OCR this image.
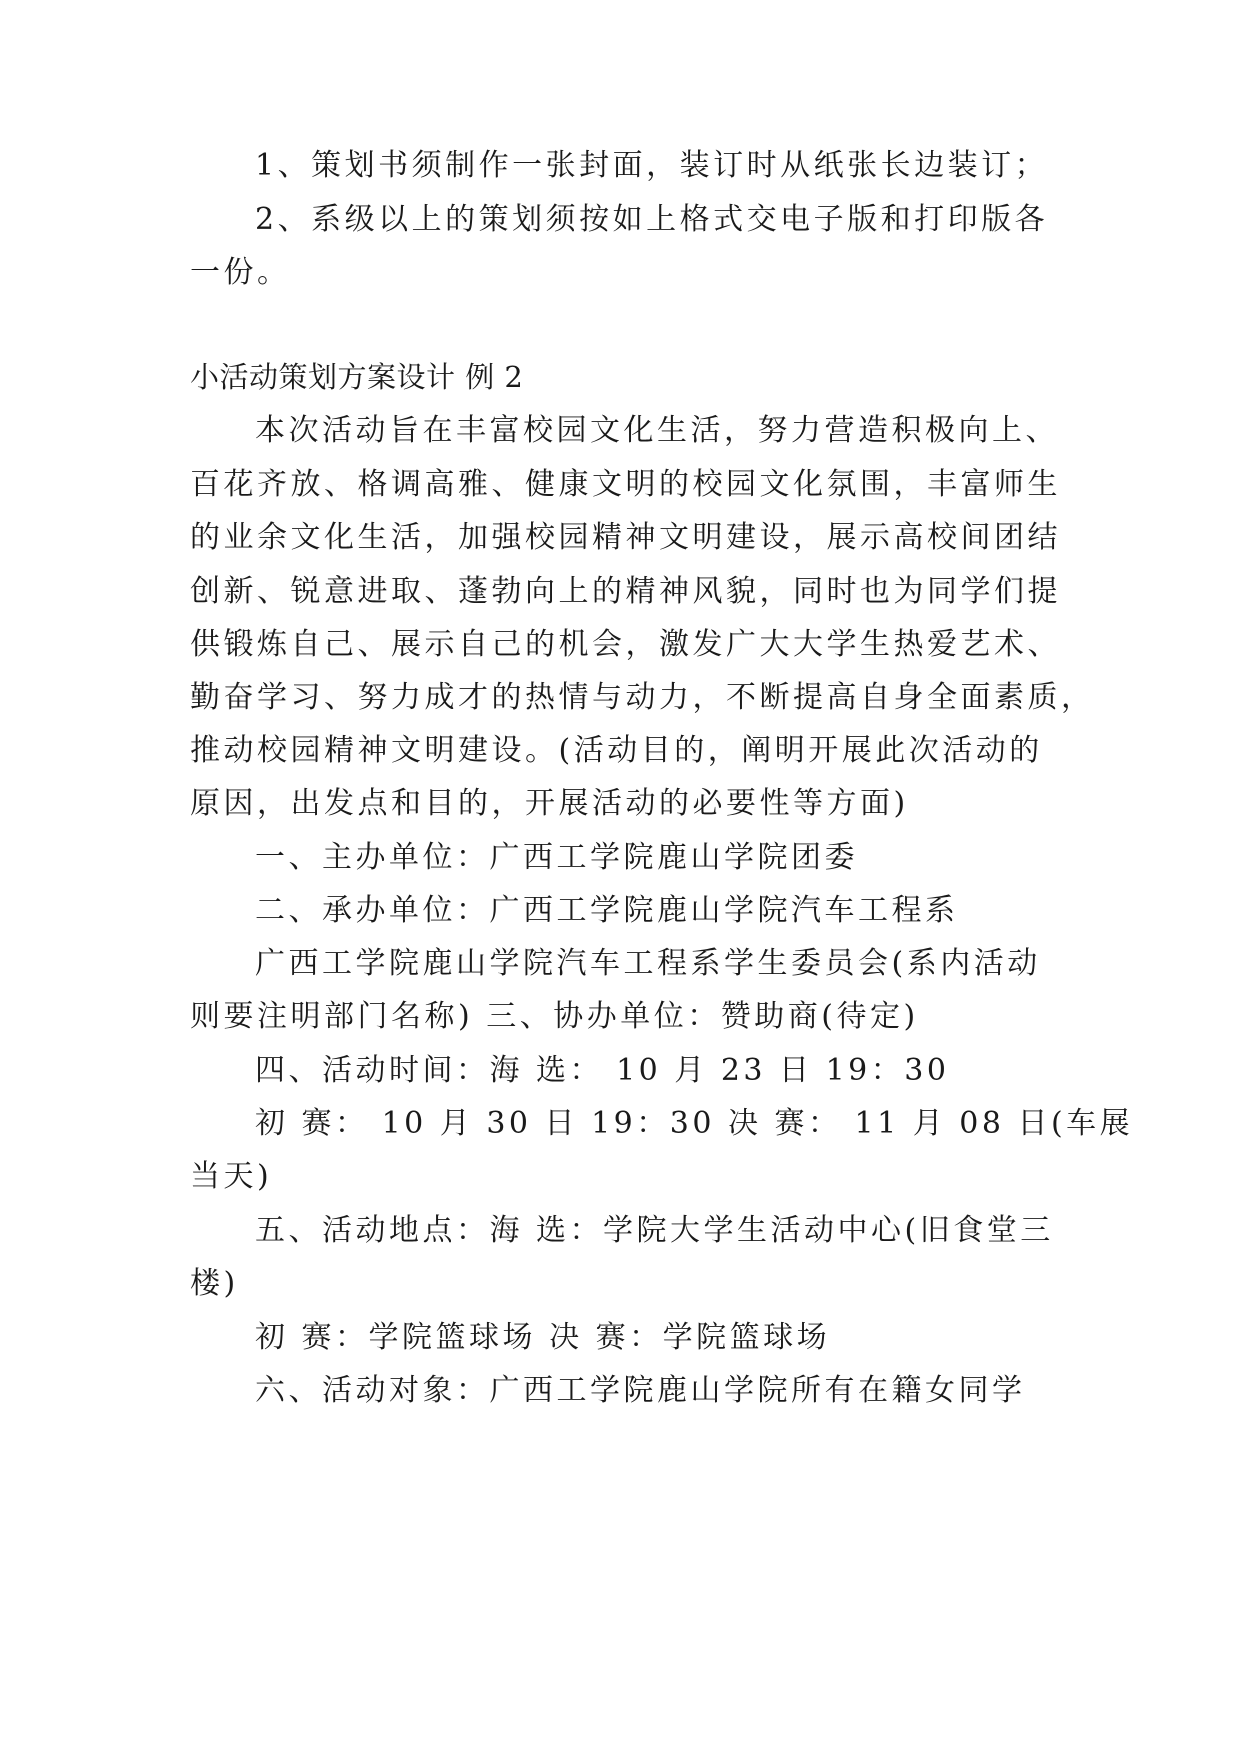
1、策划书须制作一张封面，装订时从纸张长边装订；
2、系级以上的策划须按如上格式交电子版和打印版各
一份。
小活动策划方案设计 例 2
本次活动旨在丰富校园文化生活，努力营造积极向上、
百花齐放、格调高雅、健康文明的校园文化氛围，丰富师生
的业余文化生活，加强校园精神文明建设，展示高校间团结
创新、锐意进取、蓬勃向上的精神风貌，同时也为同学们提
供锻炼自己、展示自己的机会，激发广大大学生热爱艺术、
勤奋学习、努力成才的热情与动力，不断提高自身全面素质，
推动校园精神文明建设。(活动目的，阐明开展此次活动的
原因，出发点和目的，开展活动的必要性等方面)
一、主办单位：广西工学院鹿山学院团委
二、承办单位：广西工学院鹿山学院汽车工程系
广西工学院鹿山学院汽车工程系学生委员会(系内活动
则要注明部门名称) 三、协办单位：赞助商(待定)
四、活动时间：海 选： 10 月 23 日 19：30
初 赛： 10 月 30 日 19：30 决 赛： 11 月 08 日(车展
当天)
五、活动地点：海 选：学院大学生活动中心(旧食堂三
楼)
初 赛：学院篮球场 决 赛：学院篮球场
六、活动对象：广西工学院鹿山学院所有在籍女同学
